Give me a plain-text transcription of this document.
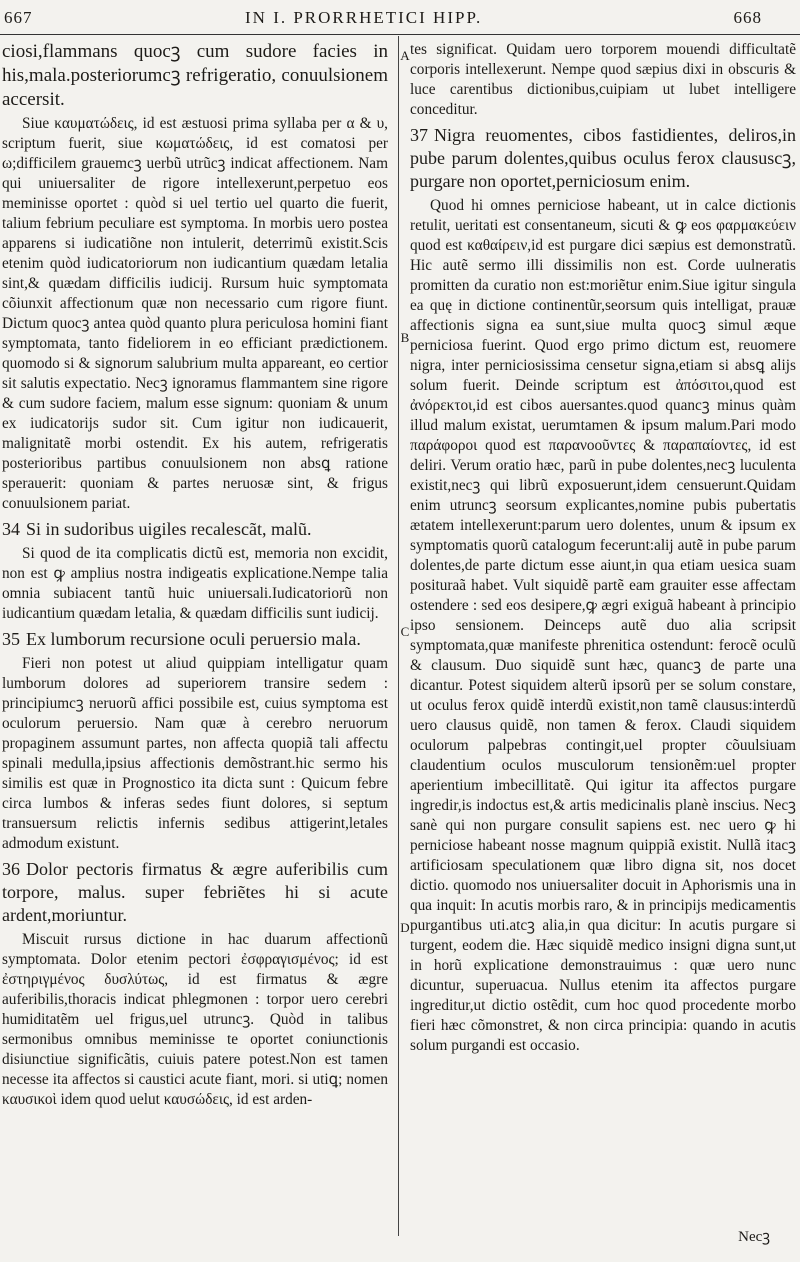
667	IN I. PRORRHETICI HIPP.	668
A
B
C
D

ciosi,flammans quocꝫ cum sudore facies in his,mala.posteriorumcꝫ refrigeratio, conuulsionem accersit.

Siue καυματώδεις, id est æstuosi prima syllaba per α & υ, scriptum fuerit, siue κωματώδεις, id est comatosi per ω;difficilem grauemcꝫ uerbũ utrũcꝫ indicat affectionem. Nam qui uniuersaliter de rigore intellexerunt,perpetuo eos meminisse oportet : quòd si uel tertio uel quarto die fuerit, talium febrium peculiare est symptoma. In morbis uero postea apparens si iudicatiõne non intulerit, deterrimũ existit.Scis etenim quòd iudicatoriorum non iudicantium quædam letalia sint,& quædam difficilis iudicij. Rursum huic symptomata cõiunxit affectionum quæ non necessario cum rigore fiunt. Dictum quocꝫ antea quòd quanto plura periculosa homini fiant symptomata, tanto fideliorem in eo efficiant prædictionem. quomodo si & signorum salubrium multa appareant, eo certior sit salutis expectatio. Necꝫ ignoramus flammantem sine rigore & cum sudore faciem, malum esse signum: quoniam & unum ex iudicatorijs sudor sit. Cum igitur non iudicauerit, malignitatẽ morbi ostendit. Ex his autem, refrigeratis posterioribus partibus conuulsionem non absꝗ ratione sperauerit: quoniam & partes neruosæ sint, & frigus conuulsionem pariat.

34 Si in sudoribus uigiles recalescãt, malũ.

Si quod de ita complicatis dictũ est, memoria non excidit, non est ꝙ amplius nostra indigeatis explicatione.Nempe talia omnia subiacent tantũ huic uniuersali.Iudicatoriorũ non iudicantium quædam letalia, & quædam difficilis sunt iudicij.

35 Ex lumborum recursione oculi peruersio mala.

Fieri non potest ut aliud quippiam intelligatur quam lumborum dolores ad superiorem transire sedem : principiumcꝫ neruorũ affici possibile est, cuius symptoma est oculorum peruersio. Nam quæ à cerebro neruorum propaginem assumunt partes, non affecta quopiã tali affectu spinali medulla,ipsius affectionis demõstrant.hic sermo his similis est quæ in Prognostico ita dicta sunt : Quicum febre circa lumbos & inferas sedes fiunt dolores, si septum transuersum relictis infernis sedibus attigerint,letales admodum existunt.

36 Dolor pectoris firmatus & ægre auferibilis cum torpore, malus. super febriẽtes hi si acute ardent,moriuntur.

Miscuit rursus dictione in hac duarum affectionũ symptomata. Dolor etenim pectori ἐσφραγισμένος; id est ἐστηριγμένος δυσλύτως, id est firmatus & ægre auferibilis,thoracis indicat phlegmonen : torpor uero cerebri humiditatẽm uel frigus,uel utruncꝫ. Quòd in talibus sermonibus omnibus meminisse te oportet coniunctionis disiunctiue significãtis, cuiuis patere potest.Non est tamen necesse ita affectos si caustici acute fiant, mori. si utiꝗ; nomen καυσικοὶ idem quod uelut καυσώδεις, id est arden-

tes significat. Quidam uero torporem mouendi difficultatẽ corporis intellexerunt. Nempe quod sæpius dixi in obscuris & luce carentibus dictionibus,cuipiam ut lubet intelligere conceditur.

37 Nigra reuomentes, cibos fastidientes, deliros,in pube parum dolentes,quibus oculus ferox claususcꝫ, purgare non oportet,perniciosum enim.

Quod hi omnes perniciose habeant, ut in calce dictionis retulit, ueritati est consentaneum, sicuti & ꝙ eos φαρμακεύειν quod est καθαίρειν,id est purgare dici sæpius est demonstratũ. Hic autẽ sermo illi dissimilis non est. Corde uulneratis promitten da curatio non est:moriẽtur enim.Siue igitur singula ea quę in dictione continentũr,seorsum quis intelligat, prauæ affectionis signa ea sunt,siue multa quocꝫ simul æque perniciosa fuerint. Quod ergo primo dictum est, reuomere nigra, inter perniciosissima censetur signa,etiam si absꝗ alijs solum fuerit. Deinde scriptum est ἀπόσιτοι,quod est ἀνόρεκτοι,id est cibos auersantes.quod quancꝫ minus quàm illud malum existat, uerumtamen & ipsum malum.Pari modo παράφοροι quod est παρανοοῦντες & παραπαίοντες, id est deliri. Verum oratio hæc, parũ in pube dolentes,necꝫ luculenta existit,necꝫ qui librũ exposuerunt,idem censuerunt.Quidam enim utruncꝫ seorsum explicantes,nomine pubis pubertatis ætatem intellexerunt:parum uero dolentes, unum & ipsum ex symptomatis quorũ catalogum fecerunt:alij autẽ in pube parum dolentes,de parte dictum esse aiunt,in qua etiam uesica suam posituraã habet. Vult siquidẽ partẽ eam grauiter esse affectam ostendere : sed eos desipere,ꝙ ægri exiguã habeant à principio ipso sensionem. Deinceps autẽ duo alia scripsit symptomata,quæ manifeste phrenitica ostendunt: ferocẽ oculũ & clausum. Duo siquidẽ sunt hæc, quancꝫ de parte una dicantur. Potest siquidem alterũ ipsorũ per se solum constare, ut oculus ferox quidẽ interdũ existit,non tamẽ clausus:interdũ uero clausus quidẽ, non tamen & ferox. Claudi siquidem oculorum palpebras contingit,uel propter cõuulsiuam claudentium oculos musculorum tensionẽm:uel propter aperientium imbecillitatẽ. Qui igitur ita affectos purgare ingredir,is indoctus est,& artis medicinalis planè inscius. Necꝫ sanè qui non purgare consulit sapiens est. nec uero ꝙ hi perniciose habeant nosse magnum quippiã existit. Nullã itacꝫ artificiosam speculationem quæ libro digna sit, nos docet dictio. quomodo nos uniuersaliter docuit in Aphorismis una in qua inquit: In acutis morbis raro, & in principijs medicamentis purgantibus uti.atcꝫ alia,in qua dicitur: In acutis purgare si turgent, eodem die. Hæc siquidẽ medico insigni digna sunt,ut in horũ explicatione demonstrauimus : quæ uero nunc dicuntur, superuacua. Nullus etenim ita affectos purgare ingreditur,ut dictio ostẽdit, cum hoc quod procedente morbo fieri hæc cõmonstret, & non circa principia: quando in acutis solum purgandi est occasio.

Necꝫ
